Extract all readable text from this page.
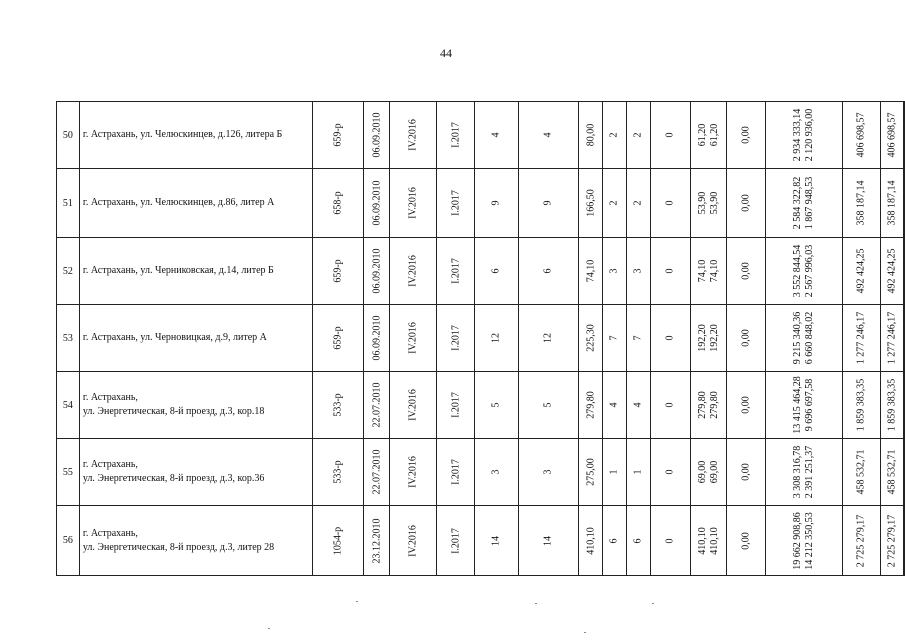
44
50	г. Астрахань, ул. Челюскинцев, д.126, литера Б	659-р	06.09.2010	IV.2016	I.2017	4	4	80,00	2	2	0	61,20 61,20	0,00	2 934 333,14 2 120 936,00	406 698,57	406 698,57

51	г. Астрахань, ул. Челюскинцев, д.86, литер А	658-р	06.09.2010	IV.2016	I.2017	9	9	166,50	2	2	0	53,90 53,90	0,00	2 584 322,82 1 867 948,53	358 187,14	358 187,14

52	г. Астрахань, ул. Черниковская, д.14, литер Б	659-р	06.09.2010	IV.2016	I.2017	6	6	74,10	3	3	0	74,10 74,10	0,00	3 552 844,54 2 567 996,03	492 424,25	492 424,25

53	г. Астрахань, ул. Черновицкая, д.9, литер А	659-р	06.09.2010	IV.2016	I.2017	12	12	225,30	7	7	0	192,20 192,20	0,00	9 215 340,36 6 660 848,02	1 277 246,17	1 277 246,17

54	г. Астрахань,
ул. Энергетическая, 8-й проезд, д.3, кор.18	533-р	22.07.2010	IV.2016	I.2017	5	5	279,80	4	4	0	279,80 279,80	0,00	13 415 464,28 9 696 697,58	1 859 383,35	1 859 383,35

55	г. Астрахань,
ул. Энергетическая, 8-й проезд, д.3, кор.36	533-р	22.07.2010	IV.2016	I.2017	3	3	275,00	1	1	0	69,00 69,00	0,00	3 308 316,78 2 391 251,37	458 532,71	458 532,71

56	г. Астрахань,
ул. Энергетическая, 8-й проезд, д.3, литер 28	1054-р	23.12.2010	IV.2016	I.2017	14	14	410,10	6	6	0	410,10 410,10	0,00	19 662 908,86 14 212 350,53	2 725 279,17	2 725 279,17
